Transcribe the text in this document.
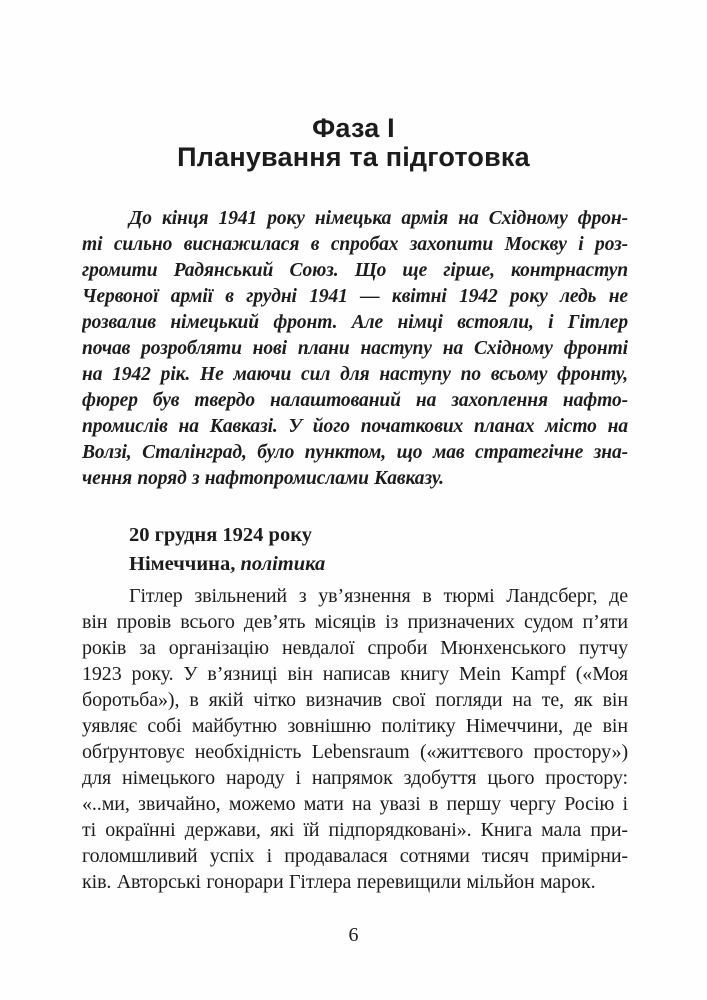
Фаза I
Планування та підготовка
До кінця 1941 року німецька армія на Східному фрон-
ті сильно виснажилася в спробах захопити Москву і роз-
громити Радянський Союз. Що ще гірше, контрнаступ
Червоної армії в грудні 1941 — квітні 1942 року ледь не
розвалив німецький фронт. Але німці встояли, і Гітлер
почав розробляти нові плани наступу на Східному фронті
на 1942 рік. Не маючи сил для наступу по всьому фронту,
фюрер був твердо налаштований на захоплення нафто-
промислів на Кавказі. У його початкових планах місто на
Волзі, Сталінград, було пунктом, що мав стратегічне зна-
чення поряд з нафтопромислами Кавказу.
20 грудня 1924 року
Німеччина, політика
Гітлер звільнений з ув’язнення в тюрмі Ландсберг, де
він провів всього дев’ять місяців із призначених судом п’яти
років за організацію невдалої спроби Мюнхенського путчу
1923 року. У в’язниці він написав книгу Mein Kampf («Моя
боротьба»), в якій чітко визначив свої погляди на те, як він
уявляє собі майбутню зовнішню політику Німеччини, де він
обґрунтовує необхідність Lebensraum («життєвого простору»)
для німецького народу і напрямок здобуття цього простору:
«..ми, звичайно, можемо мати на увазі в першу чергу Росію і
ті окраїнні держави, які їй підпорядковані». Книга мала при-
голомшливий успіх і продавалася сотнями тисяч примірни-
ків. Авторські гонорари Гітлера перевищили мільйон марок.
6
